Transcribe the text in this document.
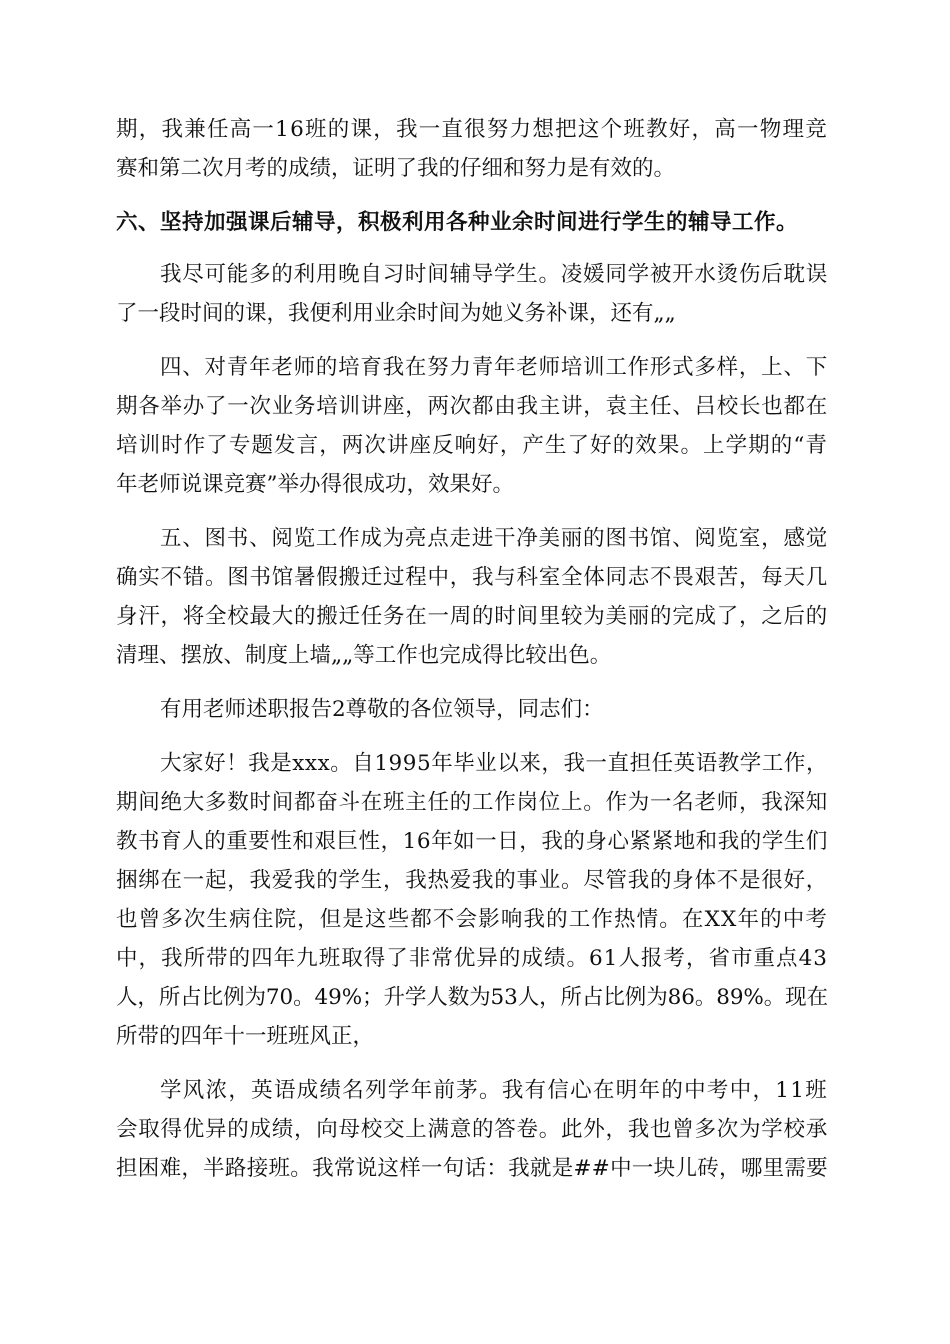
期，我兼任高一16班的课，我一直很努力想把这个班教好，高一物理竞

赛和第二次月考的成绩，证明了我的仔细和努力是有效的。

六、坚持加强课后辅导，积极利用各种业余时间进行学生的辅导工作。

我尽可能多的利用晚自习时间辅导学生。凌媛同学被开水烫伤后耽误

了一段时间的课，我便利用业余时间为她义务补课，还有„„

四、对青年老师的培育我在努力青年老师培训工作形式多样，上、下

期各举办了一次业务培训讲座，两次都由我主讲，袁主任、吕校长也都在

培训时作了专题发言，两次讲座反响好，产生了好的效果。上学期的“青

年老师说课竞赛”举办得很成功，效果好。

五、图书、阅览工作成为亮点走进干净美丽的图书馆、阅览室，感觉

确实不错。图书馆暑假搬迁过程中，我与科室全体同志不畏艰苦，每天几

身汗，将全校最大的搬迁任务在一周的时间里较为美丽的完成了，之后的

清理、摆放、制度上墙„„等工作也完成得比较出色。

有用老师述职报告2尊敬的各位领导，同志们：

大家好！我是xxx。自1995年毕业以来，我一直担任英语教学工作，

期间绝大多数时间都奋斗在班主任的工作岗位上。作为一名老师，我深知

教书育人的重要性和艰巨性，16年如一日，我的身心紧紧地和我的学生们

捆绑在一起，我爱我的学生，我热爱我的事业。尽管我的身体不是很好，

也曾多次生病住院，但是这些都不会影响我的工作热情。在XX年的中考

中，我所带的四年九班取得了非常优异的成绩。61人报考，省市重点43

人，所占比例为70。49%；升学人数为53人，所占比例为86。89%。现在

所带的四年十一班班风正，

学风浓，英语成绩名列学年前茅。我有信心在明年的中考中，11班

会取得优异的成绩，向母校交上满意的答卷。此外，我也曾多次为学校承

担困难，半路接班。我常说这样一句话：我就是##中一块儿砖，哪里需要
